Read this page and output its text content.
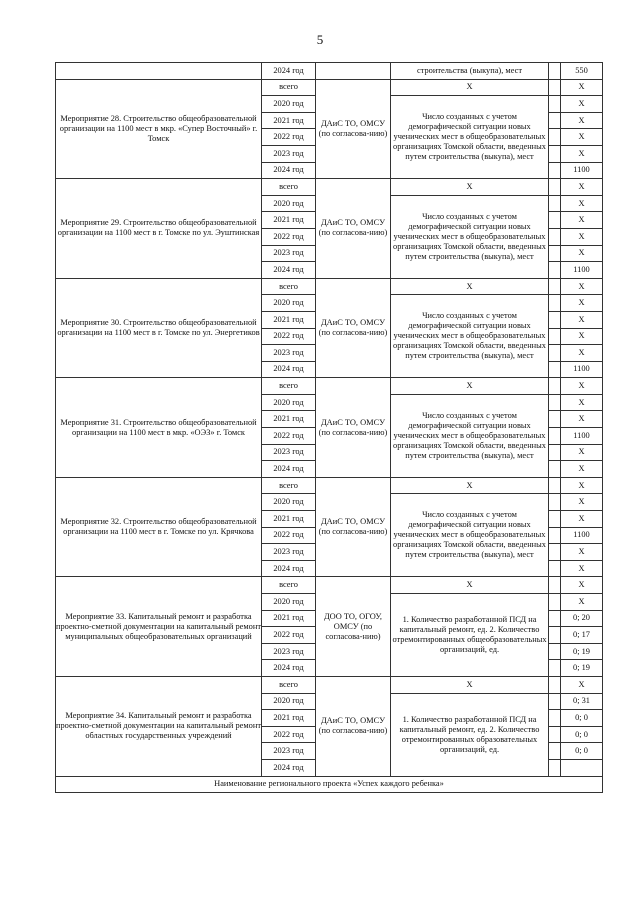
5
	2024 год		строительства (выкупа), мест		550
Мероприятие 28. Строительство общеобразовательной организации на 1100 мест в мкр. «Супер Восточный» г. Томск	всего	ДАиС ТО, ОМСУ (по согласова-нию)	Х		Х
	2020 год		Число созданных с учетом демографической ситуации новых ученических мест в общеобразовательных организациях Томской области, введенных путем строительства (выкупа), мест		Х
	2021 год				Х
	2022 год				Х
	2023 год				Х
	2024 год				1100
Мероприятие 29. Строительство общеобразовательной организации на 1100 мест в г. Томске по ул. Эуштинская	всего	ДАиС ТО, ОМСУ (по согласова-нию)	Х		Х
	2020 год		Число созданных с учетом демографической ситуации новых ученических мест в общеобразовательных организациях Томской области, введенных путем строительства (выкупа), мест		Х
	2021 год				Х
	2022 год				Х
	2023 год				Х
	2024 год				1100
Мероприятие 30. Строительство общеобразовательной организации на 1100 мест в г. Томске по ул. Энергетиков	всего	ДАиС ТО, ОМСУ (по согласова-нию)	Х		Х
	2020 год		Число созданных с учетом демографической ситуации новых ученических мест в общеобразовательных организациях Томской области, введенных путем строительства (выкупа), мест		Х
	2021 год				Х
	2022 год				Х
	2023 год				Х
	2024 год				1100
Мероприятие 31. Строительство общеобразовательной организации на 1100 мест в мкр. «ОЭЗ» г. Томск	всего	ДАиС ТО, ОМСУ (по согласова-нию)	Х		Х
	2020 год		Число созданных с учетом демографической ситуации новых ученических мест в общеобразовательных организациях Томской области, введенных путем строительства (выкупа), мест		Х
	2021 год				Х
	2022 год				1100
	2023 год				Х
	2024 год				Х
Мероприятие 32. Строительство общеобразовательной организации на 1100 мест в г. Томске по ул. Крячкова	всего	ДАиС ТО, ОМСУ (по согласова-нию)	Х		Х
	2020 год		Число созданных с учетом демографической ситуации новых ученических мест в общеобразовательных организациях Томской области, введенных путем строительства (выкупа), мест		Х
	2021 год				Х
	2022 год				1100
	2023 год				Х
	2024 год				Х
Мероприятие 33. Капитальный ремонт и разработка проектно-сметной документации на капитальный ремонт муниципальных общеобразовательных организаций	всего	ДОО ТО, ОГОУ, ОМСУ (по согласова-нию)	Х		Х
	2020 год		1. Количество разработанной ПСД на капитальный ремонт, ед. 2. Количество отремонтированных общеобразовательных организаций, ед.		Х
	2021 год				0; 20
	2022 год				0; 17
	2023 год				0; 19
	2024 год				0; 19
Мероприятие 34. Капитальный ремонт и разработка проектно-сметной документации на капитальный ремонт областных государственных учреждений	всего	ДАиС ТО, ОМСУ (по согласова-нию)	Х		Х
	2020 год		1. Количество разработанной ПСД на капитальный ремонт, ед. 2. Количество отремонтированных образовательных организаций, ед.		0; 31
	2021 год				0; 0
	2022 год				0; 0
	2023 год				0; 0
	2024 год				
Наименование регионального проекта «Успех каждого ребенка»					
